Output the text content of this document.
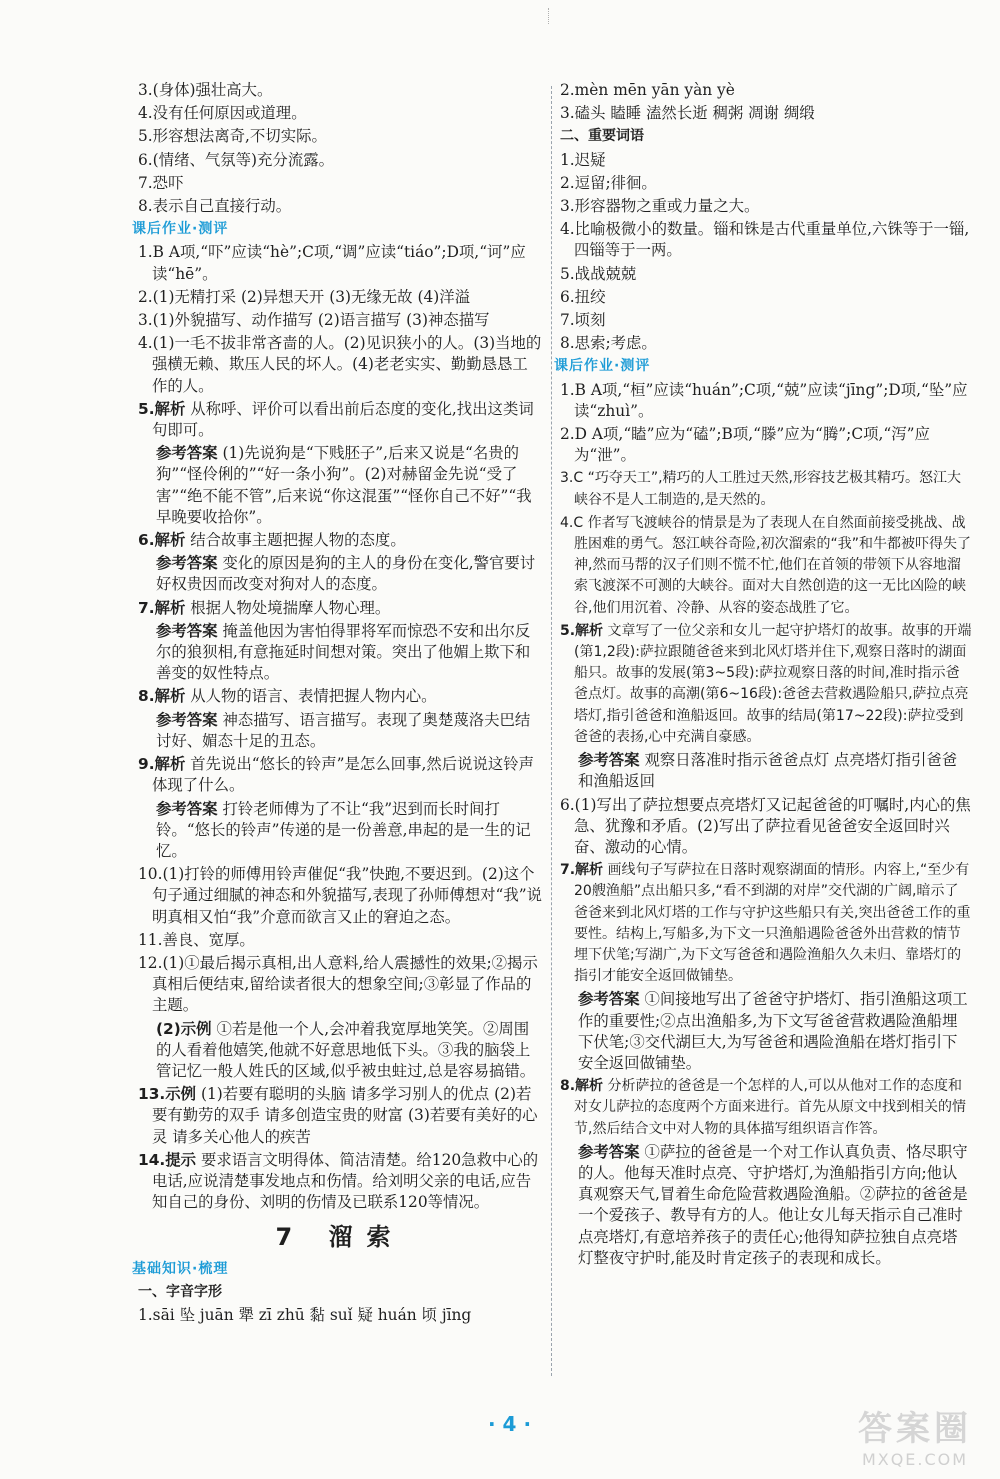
3.(身体)强壮高大。
4.没有任何原因或道理。
5.形容想法离奇,不切实际。
6.(情绪、气氛等)充分流露。
7.恐吓
8.表示自己直接行动。
课后作业·测评
1.B A项,“吓”应读“hè”;C项,“调”应读“tiáo”;D项,“诃”应读“hē”。
2.(1)无精打采 (2)异想天开 (3)无缘无故 (4)洋溢
3.(1)外貌描写、动作描写 (2)语言描写 (3)神态描写
4.(1)一毛不拔非常吝啬的人。(2)见识狭小的人。(3)当地的强横无赖、欺压人民的坏人。(4)老老实实、勤勤恳恳工作的人。
5.解析 从称呼、评价可以看出前后态度的变化,找出这类词句即可。
参考答案 (1)先说狗是“下贱胚子”,后来又说是“名贵的狗”“怪伶俐的”“好一条小狗”。(2)对赫留金先说“受了害”“绝不能不管”,后来说“你这混蛋”“怪你自己不好”“我早晚要收拾你”。
6.解析 结合故事主题把握人物的态度。
参考答案 变化的原因是狗的主人的身份在变化,警官要讨好权贵因而改变对狗对人的态度。
7.解析 根据人物处境揣摩人物心理。
参考答案 掩盖他因为害怕得罪将军而惊恐不安和出尔反尔的狼狈相,有意拖延时间想对策。突出了他媚上欺下和善变的奴性特点。
8.解析 从人物的语言、表情把握人物内心。
参考答案 神态描写、语言描写。表现了奥楚蔑洛夫巴结讨好、媚态十足的丑态。
9.解析 首先说出“悠长的铃声”是怎么回事,然后说说这铃声体现了什么。
参考答案 打铃老师傅为了不让“我”迟到而长时间打铃。“悠长的铃声”传递的是一份善意,串起的是一生的记忆。
10.(1)打铃的师傅用铃声催促“我”快跑,不要迟到。(2)这个句子通过细腻的神态和外貌描写,表现了孙师傅想对“我”说明真相又怕“我”介意而欲言又止的窘迫之态。
11.善良、宽厚。
12.(1)①最后揭示真相,出人意料,给人震撼性的效果;②揭示真相后便结束,留给读者很大的想象空间;③彰显了作品的主题。
(2)示例 ①若是他一个人,会冲着我宽厚地笑笑。②周围的人看着他嬉笑,他就不好意思地低下头。③我的脑袋上管记忆一般人姓氏的区域,似乎被虫蛀过,总是容易搞错。
13.示例 (1)若要有聪明的头脑 请多学习别人的优点 (2)若要有勤劳的双手 请多创造宝贵的财富 (3)若要有美好的心灵 请多关心他人的疾苦
14.提示 要求语言文明得体、简洁清楚。给120急救中心的电话,应说清楚事发地点和伤情。给刘明父亲的电话,应告知自己的身份、刘明的伤情及已联系120等情况。
7 溜索
基础知识·梳理
一、字音字形
1.sāi 坠 juān 犟 zī zhū 黏 suǐ 疑 huán 顷 jīng
2.mèn mēn yān yàn yè
3.磕头 瞌睡 溘然长逝 稠粥 凋谢 绸缎
二、重要词语
1.迟疑
2.逗留;徘徊。
3.形容器物之重或力量之大。
4.比喻极微小的数量。锱和铢是古代重量单位,六铢等于一锱,四锱等于一两。
5.战战兢兢
6.扭绞
7.顷刻
8.思索;考虑。
课后作业·测评
1.B A项,“桓”应读“huán”;C项,“兢”应读“jīng”;D项,“坠”应读“zhuì”。
2.D A项,“瞌”应为“磕”;B项,“滕”应为“腾”;C项,“泻”应为“泄”。
3.C “巧夺天工”,精巧的人工胜过天然,形容技艺极其精巧。怒江大峡谷不是人工制造的,是天然的。
4.C 作者写飞渡峡谷的情景是为了表现人在自然面前接受挑战、战胜困难的勇气。怒江峡谷奇险,初次溜索的“我”和牛都被吓得失了神,然而马帮的汉子们则不慌不忙,他们在首领的带领下从容地溜索飞渡深不可测的大峡谷。面对大自然创造的这一无比凶险的峡谷,他们用沉着、冷静、从容的姿态战胜了它。
5.解析 文章写了一位父亲和女儿一起守护塔灯的故事。故事的开端(第1,2段):萨拉跟随爸爸来到北风灯塔并住下,观察日落时的湖面船只。故事的发展(第3~5段):萨拉观察日落的时间,准时指示爸爸点灯。故事的高潮(第6~16段):爸爸去营救遇险船只,萨拉点亮塔灯,指引爸爸和渔船返回。故事的结局(第17~22段):萨拉受到爸爸的表扬,心中充满自豪感。
参考答案 观察日落准时指示爸爸点灯 点亮塔灯指引爸爸和渔船返回
6.(1)写出了萨拉想要点亮塔灯又记起爸爸的叮嘱时,内心的焦急、犹豫和矛盾。(2)写出了萨拉看见爸爸安全返回时兴奋、激动的心情。
7.解析 画线句子写萨拉在日落时观察湖面的情形。内容上,“至少有20艘渔船”点出船只多,“看不到湖的对岸”交代湖的广阔,暗示了爸爸来到北风灯塔的工作与守护这些船只有关,突出爸爸工作的重要性。结构上,写船多,为下文一只渔船遇险爸爸外出营救的情节埋下伏笔;写湖广,为下文写爸爸和遇险渔船久久未归、靠塔灯的指引才能安全返回做铺垫。
参考答案 ①间接地写出了爸爸守护塔灯、指引渔船这项工作的重要性;②点出渔船多,为下文写爸爸营救遇险渔船埋下伏笔;③交代湖巨大,为写爸爸和遇险渔船在塔灯指引下安全返回做铺垫。
8.解析 分析萨拉的爸爸是一个怎样的人,可以从他对工作的态度和对女儿萨拉的态度两个方面来进行。首先从原文中找到相关的情节,然后结合文中对人物的具体描写组织语言作答。
参考答案 ①萨拉的爸爸是一个对工作认真负责、恪尽职守的人。他每天准时点亮、守护塔灯,为渔船指引方向;他认真观察天气,冒着生命危险营救遇险渔船。②萨拉的爸爸是一个爱孩子、教导有方的人。他让女儿每天指示自己准时点亮塔灯,有意培养孩子的责任心;他得知萨拉独自点亮塔灯整夜守护时,能及时肯定孩子的表现和成长。
· 4 ·	答案圈
MXQE.COM
